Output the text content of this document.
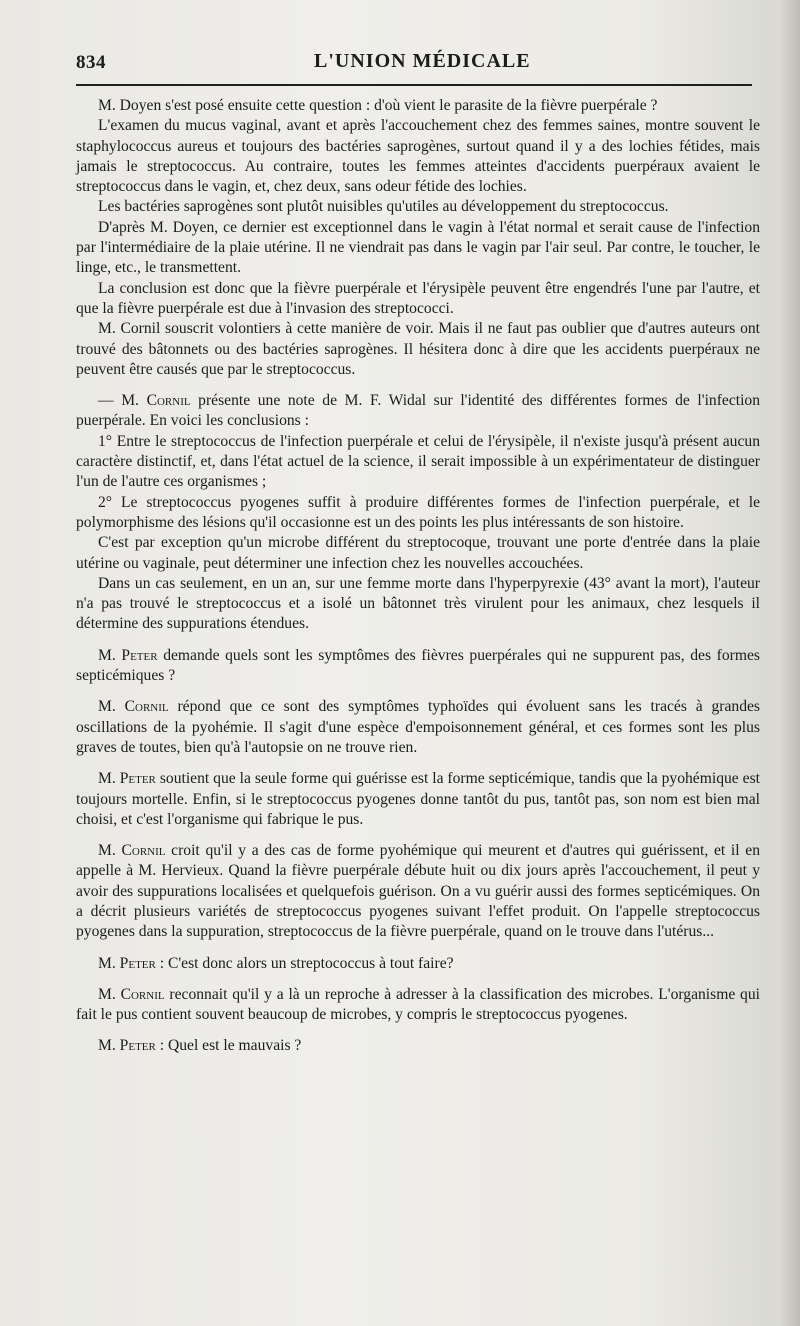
834	L'UNION MÉDICALE

M. Doyen s'est posé ensuite cette question : d'où vient le parasite de la fièvre puerpérale ?

L'examen du mucus vaginal, avant et après l'accouchement chez des femmes saines, montre souvent le staphylococcus aureus et toujours des bactéries saprogènes, surtout quand il y a des lochies fétides, mais jamais le streptococcus. Au contraire, toutes les femmes atteintes d'accidents puerpéraux avaient le streptococcus dans le vagin, et, chez deux, sans odeur fétide des lochies.

Les bactéries saprogènes sont plutôt nuisibles qu'utiles au développement du streptococcus.

D'après M. Doyen, ce dernier est exceptionnel dans le vagin à l'état normal et serait cause de l'infection par l'intermédiaire de la plaie utérine. Il ne viendrait pas dans le vagin par l'air seul. Par contre, le toucher, le linge, etc., le transmettent.

La conclusion est donc que la fièvre puerpérale et l'érysipèle peuvent être engendrés l'une par l'autre, et que la fièvre puerpérale est due à l'invasion des streptococci.

M. Cornil souscrit volontiers à cette manière de voir. Mais il ne faut pas oublier que d'autres auteurs ont trouvé des bâtonnets ou des bactéries saprogènes. Il hésitera donc à dire que les accidents puerpéraux ne peuvent être causés que par le streptococcus.

— M. Cornil présente une note de M. F. Widal sur l'identité des différentes formes de l'infection puerpérale. En voici les conclusions :

1° Entre le streptococcus de l'infection puerpérale et celui de l'érysipèle, il n'existe jusqu'à présent aucun caractère distinctif, et, dans l'état actuel de la science, il serait impossible à un expérimentateur de distinguer l'un de l'autre ces organismes ;

2° Le streptococcus pyogenes suffit à produire différentes formes de l'infection puerpérale, et le polymorphisme des lésions qu'il occasionne est un des points les plus intéressants de son histoire.

C'est par exception qu'un microbe différent du streptocoque, trouvant une porte d'entrée dans la plaie utérine ou vaginale, peut déterminer une infection chez les nouvelles accouchées.

Dans un cas seulement, en un an, sur une femme morte dans l'hyperpyrexie (43° avant la mort), l'auteur n'a pas trouvé le streptococcus et a isolé un bâtonnet très virulent pour les animaux, chez lesquels il détermine des suppurations étendues.

M. Peter demande quels sont les symptômes des fièvres puerpérales qui ne suppurent pas, des formes septicémiques ?

M. Cornil répond que ce sont des symptômes typhoïdes qui évoluent sans les tracés à grandes oscillations de la pyohémie. Il s'agit d'une espèce d'empoisonnement général, et ces formes sont les plus graves de toutes, bien qu'à l'autopsie on ne trouve rien.

M. Peter soutient que la seule forme qui guérisse est la forme septicémique, tandis que la pyohémique est toujours mortelle. Enfin, si le streptococcus pyogenes donne tantôt du pus, tantôt pas, son nom est bien mal choisi, et c'est l'organisme qui fabrique le pus.

M. Cornil croit qu'il y a des cas de forme pyohémique qui meurent et d'autres qui guérissent, et il en appelle à M. Hervieux. Quand la fièvre puerpérale débute huit ou dix jours après l'accouchement, il peut y avoir des suppurations localisées et quelquefois guérison. On a vu guérir aussi des formes septicémiques. On a décrit plusieurs variétés de streptococcus pyogenes suivant l'effet produit. On l'appelle streptococcus pyogenes dans la suppuration, streptococcus de la fièvre puerpérale, quand on le trouve dans l'utérus...

M. Peter : C'est donc alors un streptococcus à tout faire?

M. Cornil reconnait qu'il y a là un reproche à adresser à la classification des microbes. L'organisme qui fait le pus contient souvent beaucoup de microbes, y compris le streptococcus pyogenes.

M. Peter : Quel est le mauvais ?
